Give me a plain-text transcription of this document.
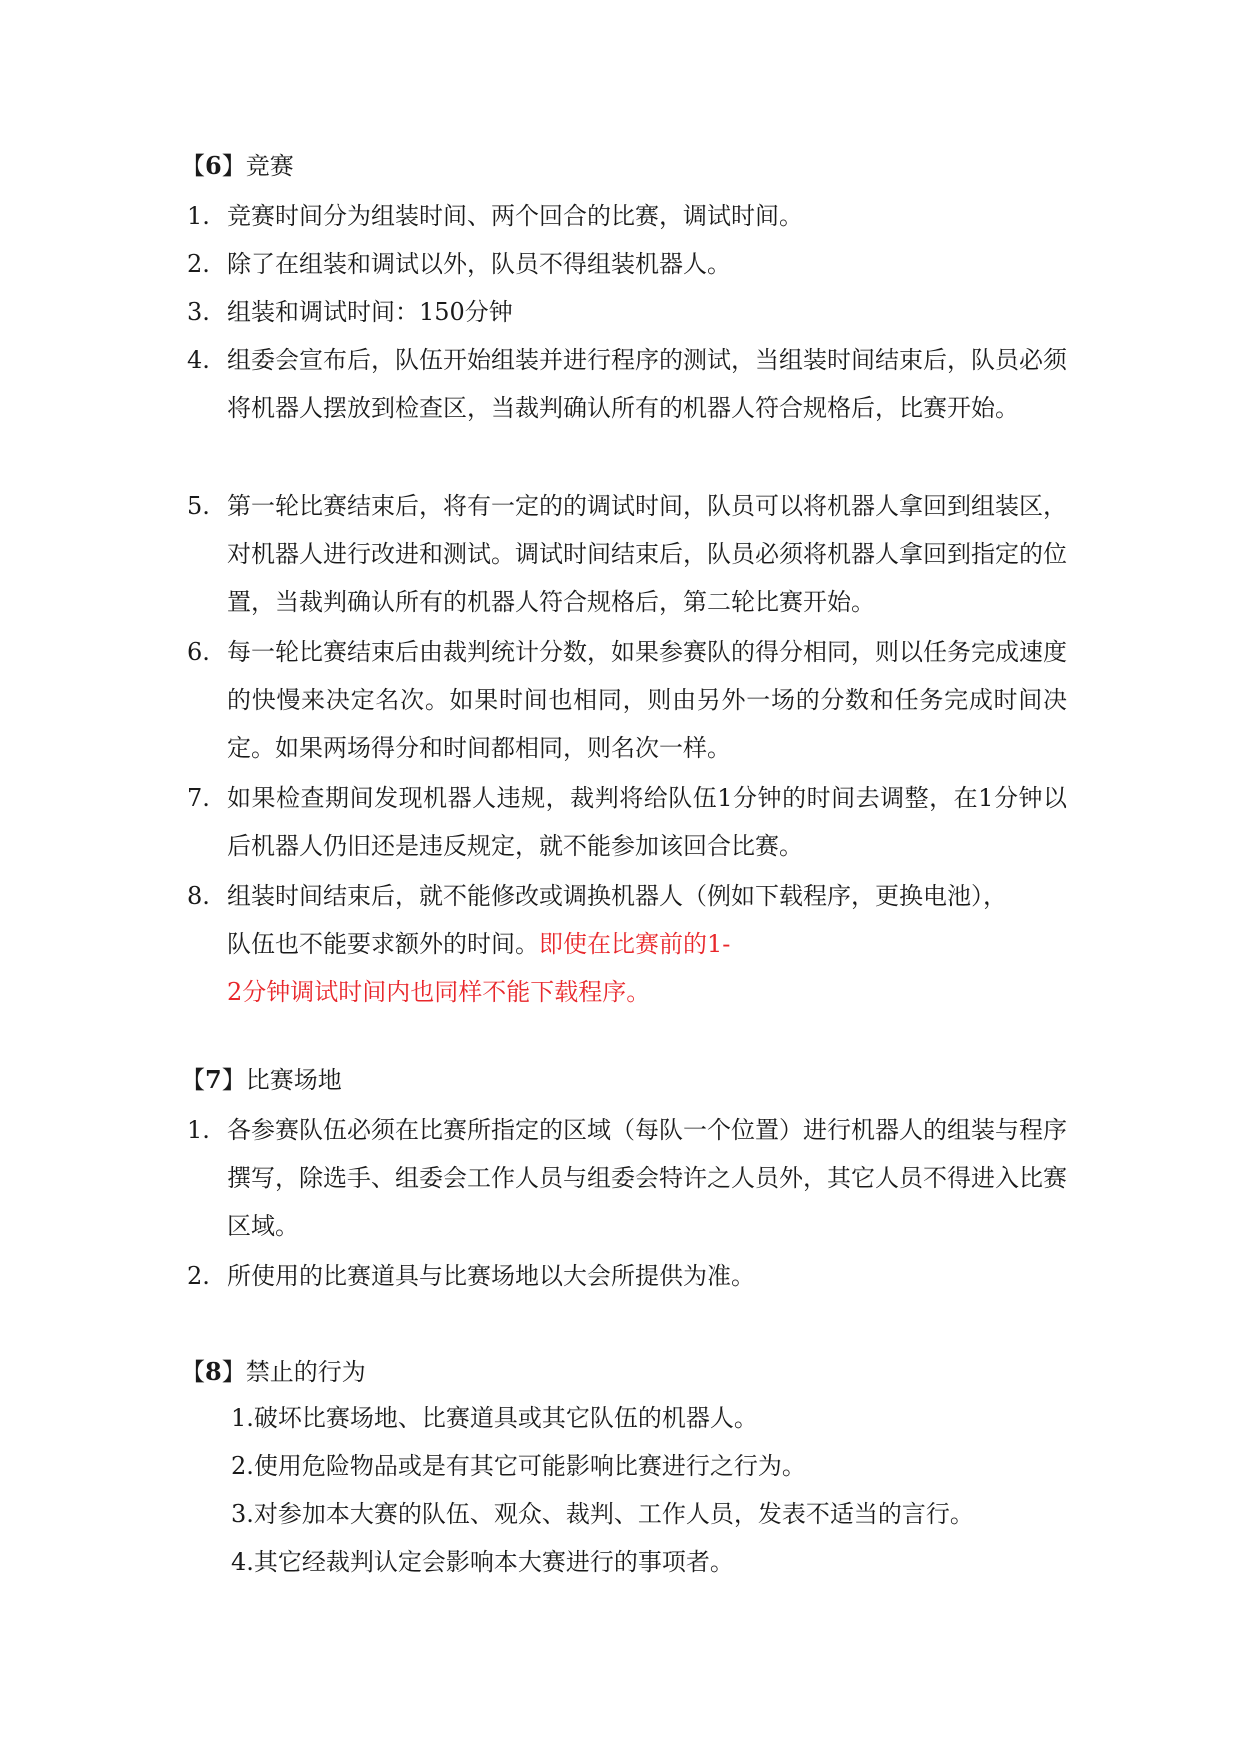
【6】竞赛
1. 竞赛时间分为组装时间、两个回合的比赛，调试时间。
2. 除了在组装和调试以外，队员不得组装机器人。
3. 组装和调试时间：150分钟
4. 组委会宣布后，队伍开始组装并进行程序的测试，当组装时间结束后，队员必须将机器人摆放到检查区，当裁判确认所有的机器人符合规格后，比赛开始。
5. 第一轮比赛结束后，将有一定的的调试时间，队员可以将机器人拿回到组装区，对机器人进行改进和测试。调试时间结束后，队员必须将机器人拿回到指定的位置，当裁判确认所有的机器人符合规格后，第二轮比赛开始。
6. 每一轮比赛结束后由裁判统计分数，如果参赛队的得分相同，则以任务完成速度的快慢来决定名次。如果时间也相同，则由另外一场的分数和任务完成时间决定。如果两场得分和时间都相同，则名次一样。
7. 如果检查期间发现机器人违规，裁判将给队伍1分钟的时间去调整，在1分钟以后机器人仍旧还是违反规定，就不能参加该回合比赛。
8. 组装时间结束后，就不能修改或调换机器人（例如下载程序，更换电池），
队伍也不能要求额外的时间。即使在比赛前的1-
2分钟调试时间内也同样不能下载程序。
【7】比赛场地
1. 各参赛队伍必须在比赛所指定的区域（每队一个位置）进行机器人的组装与程序撰写，除选手、组委会工作人员与组委会特许之人员外，其它人员不得进入比赛区域。
2. 所使用的比赛道具与比赛场地以大会所提供为准。
【8】禁止的行为
1.破坏比赛场地、比赛道具或其它队伍的机器人。
2.使用危险物品或是有其它可能影响比赛进行之行为。
3.对参加本大赛的队伍、观众、裁判、工作人员，发表不适当的言行。
4.其它经裁判认定会影响本大赛进行的事项者。
